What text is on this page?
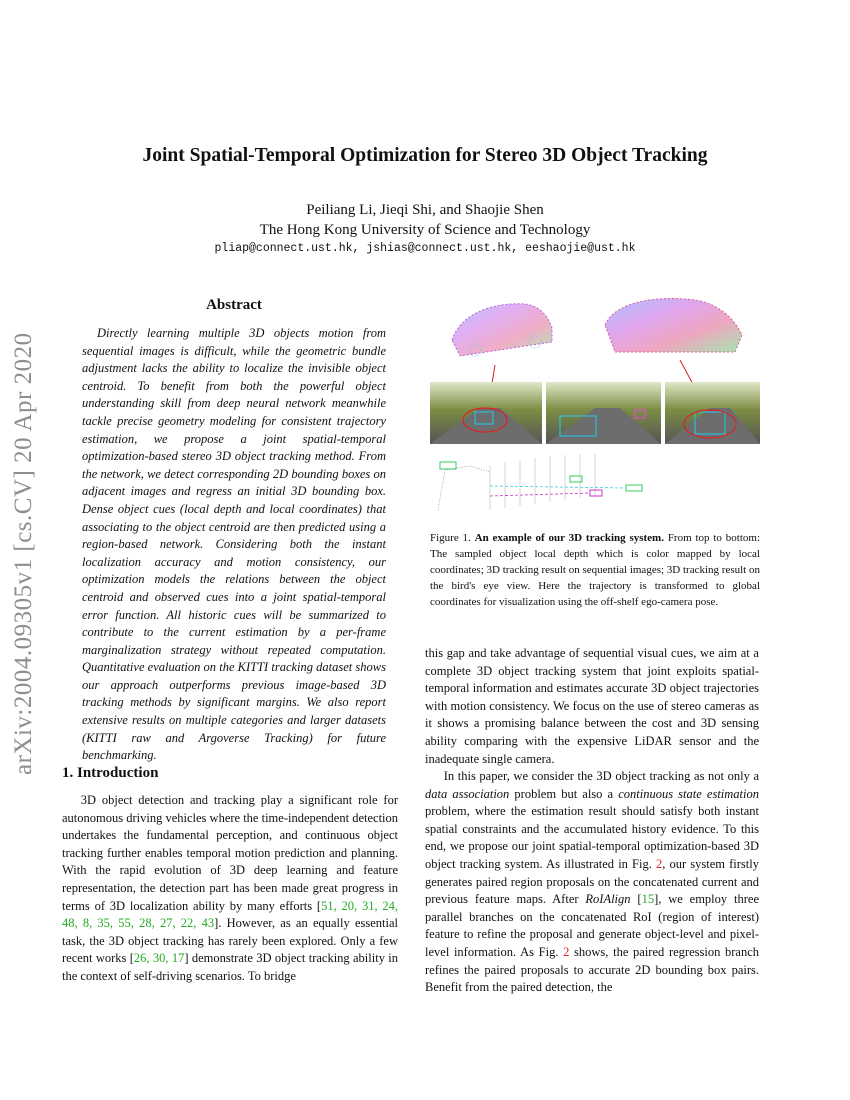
Joint Spatial-Temporal Optimization for Stereo 3D Object Tracking
Peiliang Li, Jieqi Shi, and Shaojie Shen
The Hong Kong University of Science and Technology
pliap@connect.ust.hk, jshias@connect.ust.hk, eeshaojie@ust.hk
arXiv:2004.09305v1 [cs.CV] 20 Apr 2020
Abstract
Directly learning multiple 3D objects motion from sequential images is difficult, while the geometric bundle adjustment lacks the ability to localize the invisible object centroid. To benefit from both the powerful object understanding skill from deep neural network meanwhile tackle precise geometry modeling for consistent trajectory estimation, we propose a joint spatial-temporal optimization-based stereo 3D object tracking method. From the network, we detect corresponding 2D bounding boxes on adjacent images and regress an initial 3D bounding box. Dense object cues (local depth and local coordinates) that associating to the object centroid are then predicted using a region-based network. Considering both the instant localization accuracy and motion consistency, our optimization models the relations between the object centroid and observed cues into a joint spatial-temporal error function. All historic cues will be summarized to contribute to the current estimation by a per-frame marginalization strategy without repeated computation. Quantitative evaluation on the KITTI tracking dataset shows our approach outperforms previous image-based 3D tracking methods by significant margins. We also report extensive results on multiple categories and larger datasets (KITTI raw and Argoverse Tracking) for future benchmarking.
1. Introduction
3D object detection and tracking play a significant role for autonomous driving vehicles where the time-independent detection undertakes the fundamental perception, and continuous object tracking further enables temporal motion prediction and planning. With the rapid evolution of 3D deep learning and feature representation, the detection part has been made great progress in terms of 3D localization ability by many efforts [51, 20, 31, 24, 48, 8, 35, 55, 28, 27, 22, 43]. However, as an equally essential task, the 3D object tracking has rarely been explored. Only a few recent works [26, 30, 17] demonstrate 3D object tracking ability in the context of self-driving scenarios. To bridge
Figure 1. An example of our 3D tracking system. From top to bottom: The sampled object local depth which is color mapped by local coordinates; 3D tracking result on sequential images; 3D tracking result on the bird's eye view. Here the trajectory is transformed to global coordinates for visualization using the off-shelf ego-camera pose.
this gap and take advantage of sequential visual cues, we aim at a complete 3D object tracking system that joint exploits spatial-temporal information and estimates accurate 3D object trajectories with motion consistency. We focus on the use of stereo cameras as it shows a promising balance between the cost and 3D sensing ability comparing with the expensive LiDAR sensor and the inadequate single camera.
In this paper, we consider the 3D object tracking as not only a data association problem but also a continuous state estimation problem, where the estimation result should satisfy both instant spatial constraints and the accumulated history evidence. To this end, we propose our joint spatial-temporal optimization-based 3D object tracking system. As illustrated in Fig. 2, our system firstly generates paired region proposals on the concatenated current and previous feature maps. After RoIAlign [15], we employ three parallel branches on the concatenated RoI (region of interest) feature to refine the proposal and generate object-level and pixel-level information. As Fig. 2 shows, the paired regression branch refines the paired proposals to accurate 2D bounding box pairs. Benefit from the paired detection, the
